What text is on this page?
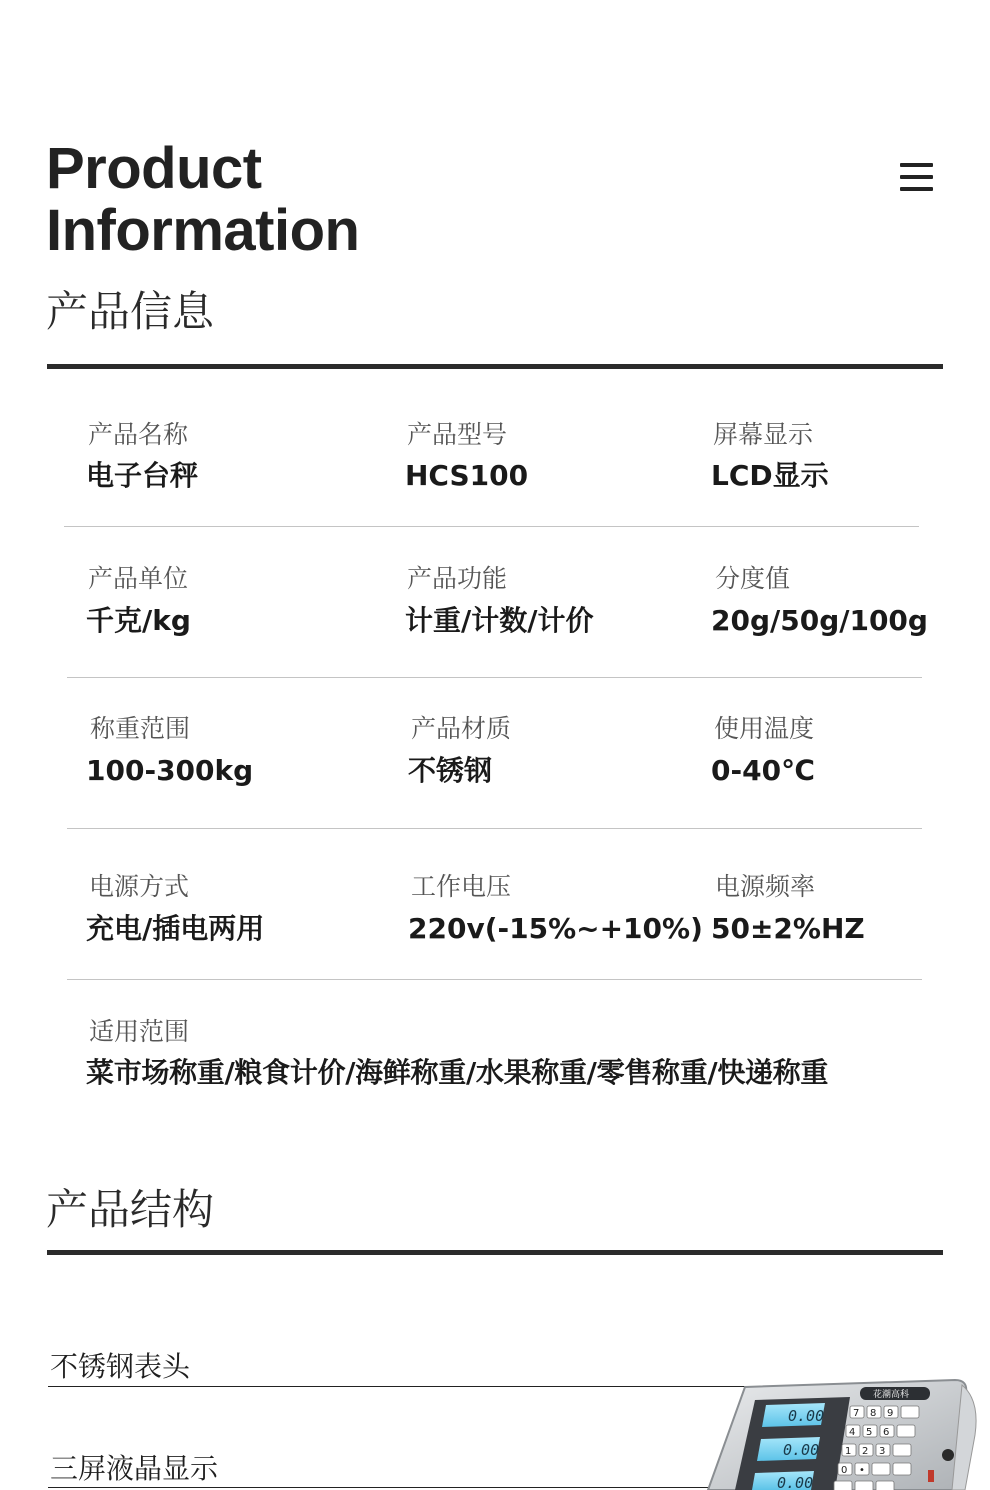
Product
Information
产品信息
产品名称
电子台秤
产品型号
HCS100
屏幕显示
LCD显示
产品单位
千克/kg
产品功能
计重/计数/计价
分度值
20g/50g/100g
称重范围
100-300kg
产品材质
不锈钢
使用温度
0-40℃
电源方式
充电/插电两用
工作电压
220v(-15%~+10%)
电源频率
50±2%HZ
适用范围
菜市场称重/粮食计价/海鲜称重/水果称重/零售称重/快递称重
产品结构
不锈钢表头
三屏液晶显示
0.00
0.00
0.00
花潮高科
7 8 9
4 5 6
1 2 3
0 •
